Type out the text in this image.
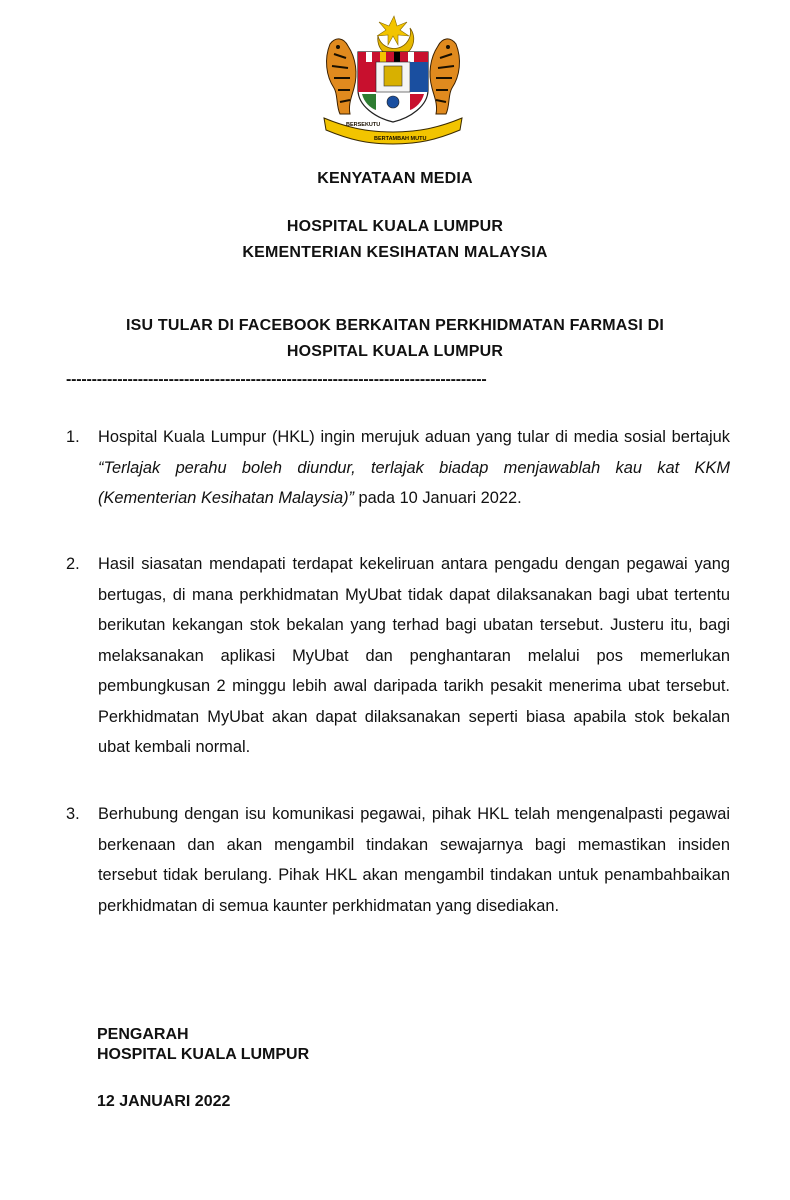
BERSEKUTU
BERTAMBAH MUTU
KENYATAAN MEDIA
HOSPITAL KUALA LUMPUR
KEMENTERIAN KESIHATAN MALAYSIA
ISU TULAR DI FACEBOOK BERKAITAN PERKHIDMATAN FARMASI DI
HOSPITAL KUALA LUMPUR
----------------------------------------------------------------------------------
1. Hospital Kuala Lumpur (HKL) ingin merujuk aduan yang tular di media sosial bertajuk “Terlajak perahu boleh diundur, terlajak biadap menjawablah kau kat KKM (Kementerian Kesihatan Malaysia)” pada 10 Januari 2022.
2. Hasil siasatan mendapati terdapat kekeliruan antara pengadu dengan pegawai yang bertugas, di mana perkhidmatan MyUbat tidak dapat dilaksanakan bagi ubat tertentu berikutan kekangan stok bekalan yang terhad bagi ubatan tersebut. Justeru itu, bagi melaksanakan aplikasi MyUbat dan penghantaran melalui pos memerlukan pembungkusan 2 minggu lebih awal daripada tarikh pesakit menerima ubat tersebut. Perkhidmatan MyUbat akan dapat dilaksanakan seperti biasa apabila stok bekalan ubat kembali normal.
3. Berhubung dengan isu komunikasi pegawai, pihak HKL telah mengenalpasti pegawai berkenaan dan akan mengambil tindakan sewajarnya bagi memastikan insiden tersebut tidak berulang. Pihak HKL akan mengambil tindakan untuk penambahbaikan perkhidmatan di semua kaunter perkhidmatan yang disediakan.
PENGARAH
HOSPITAL KUALA LUMPUR
12 JANUARI 2022
